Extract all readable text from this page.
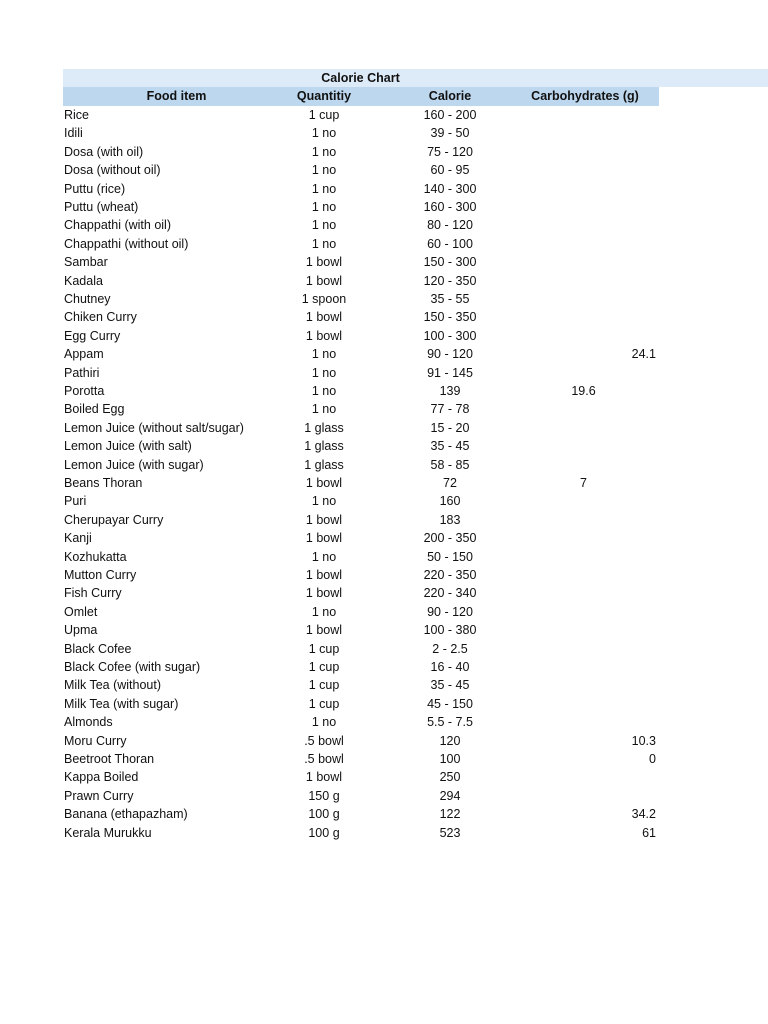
Calorie Chart
Food item	Quantitiy	Calorie	Carbohydrates (g)
Rice	1 cup	160 - 200
Idili	1 no	39 - 50
Dosa (with oil)	1 no	75 - 120
Dosa (without oil)	1 no	60 - 95
Puttu (rice)	1 no	140 - 300
Puttu (wheat)	1 no	160 - 300
Chappathi (with oil)	1 no	80 - 120
Chappathi (without oil)	1 no	60 - 100
Sambar	1 bowl	150 - 300
Kadala	1 bowl	120 - 350
Chutney	1 spoon	35 - 55
Chiken Curry	1 bowl	150 - 350
Egg Curry	1 bowl	100 - 300
Appam	1 no	90 - 120	24.1
Pathiri	1 no	91 - 145
Porotta	1 no	139	19.6
Boiled Egg	1 no	77 - 78
Lemon Juice (without salt/sugar)	1 glass	15 - 20
Lemon Juice (with salt)	1 glass	35 - 45
Lemon Juice (with sugar)	1 glass	58 - 85
Beans Thoran	1 bowl	72	7
Puri	1 no	160
Cherupayar Curry	1 bowl	183
Kanji	1 bowl	200 - 350
Kozhukatta	1 no	50 - 150
Mutton Curry	1 bowl	220 - 350
Fish Curry	1 bowl	220 - 340
Omlet	1 no	90 - 120
Upma	1 bowl	100 - 380
Black Cofee	1 cup	2 - 2.5
Black Cofee (with sugar)	1 cup	16 - 40
Milk Tea (without)	1 cup	35 - 45
Milk Tea (with sugar)	1 cup	45 - 150
Almonds	1 no	5.5 - 7.5
Moru Curry	.5 bowl	120	10.3
Beetroot Thoran	.5 bowl	100	0
Kappa Boiled	1 bowl	250
Prawn Curry	150 g	294
Banana (ethapazham)	100 g	122	34.2
Kerala Murukku	100 g	523	61
